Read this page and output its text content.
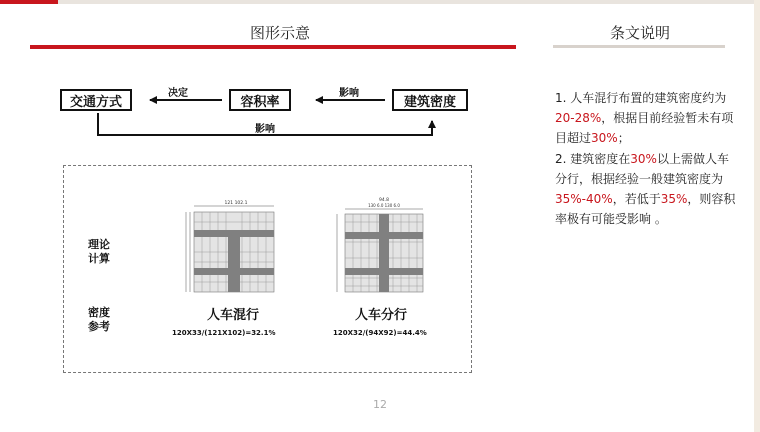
图形示意	条文说明
交通方式	容积率	建筑密度
决定	影响
影响
理论
计算
密度
参考
121 102.1
94.8
130 6.0 130 6.0
人车混行	人车分行
120X33/(121X102)=32.1%	120X32/(94X92)=44.4%
12

1. 人车混行布置的建筑密度约为20-28%，根据目前经验暂未有项目超过30%；

2. 建筑密度在30%以上需做人车分行，根据经验一般建筑密度为35%-40%，若低于35%，则容积率极有可能受影响 。
